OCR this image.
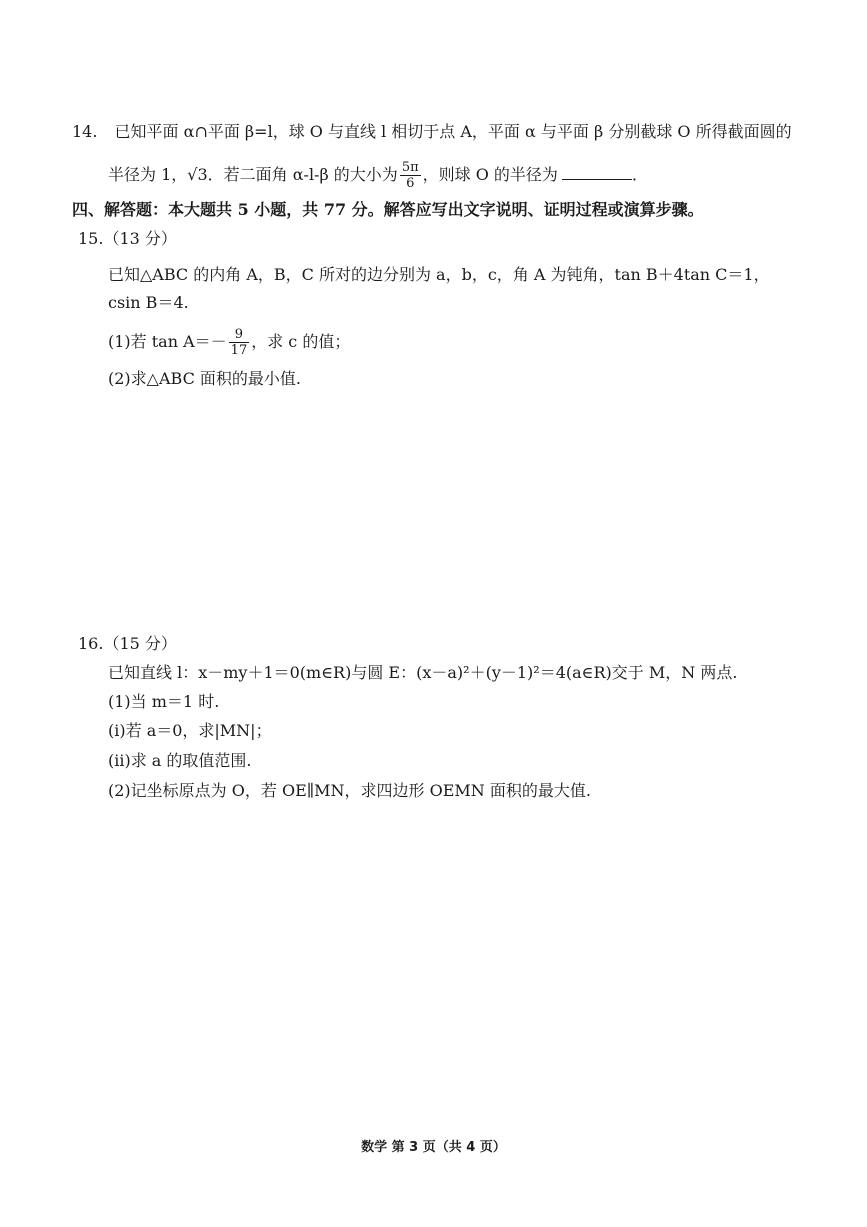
14. 已知平面 α∩平面 β=l，球 O 与直线 l 相切于点 A，平面 α 与平面 β 分别截球 O 所得截面圆的
半径为 1，√3．若二面角 α-l-β 的大小为 $\frac{5\pi}{6}$ ，则球 O 的半径为	．
四、解答题：本大题共 5 小题，共 77 分。解答应写出文字说明、证明过程或演算步骤。
15.（13 分）
已知△ABC 的内角 A，B，C 所对的边分别为 a，b，c，角 A 为钝角，tan B＋4tan C＝1，
csin B＝4.
(1)若 $\tan A=- \frac{9}{17}$ ，求 c 的值；
(2)求△ABC 面积的最小值.
16.（15 分）
已知直线 l：x－my＋1＝0(m∈R)与圆 E：(x－a)²＋(y－1)²＝4(a∈R)交于 M，N 两点.
(1)当 m＝1 时.
(ⅰ)若 a＝0，求|MN|；
(ⅱ)求 a 的取值范围.
(2)记坐标原点为 O，若 OE∥MN，求四边形 OEMN 面积的最大值.
数学 第 3 页（共 4 页）
